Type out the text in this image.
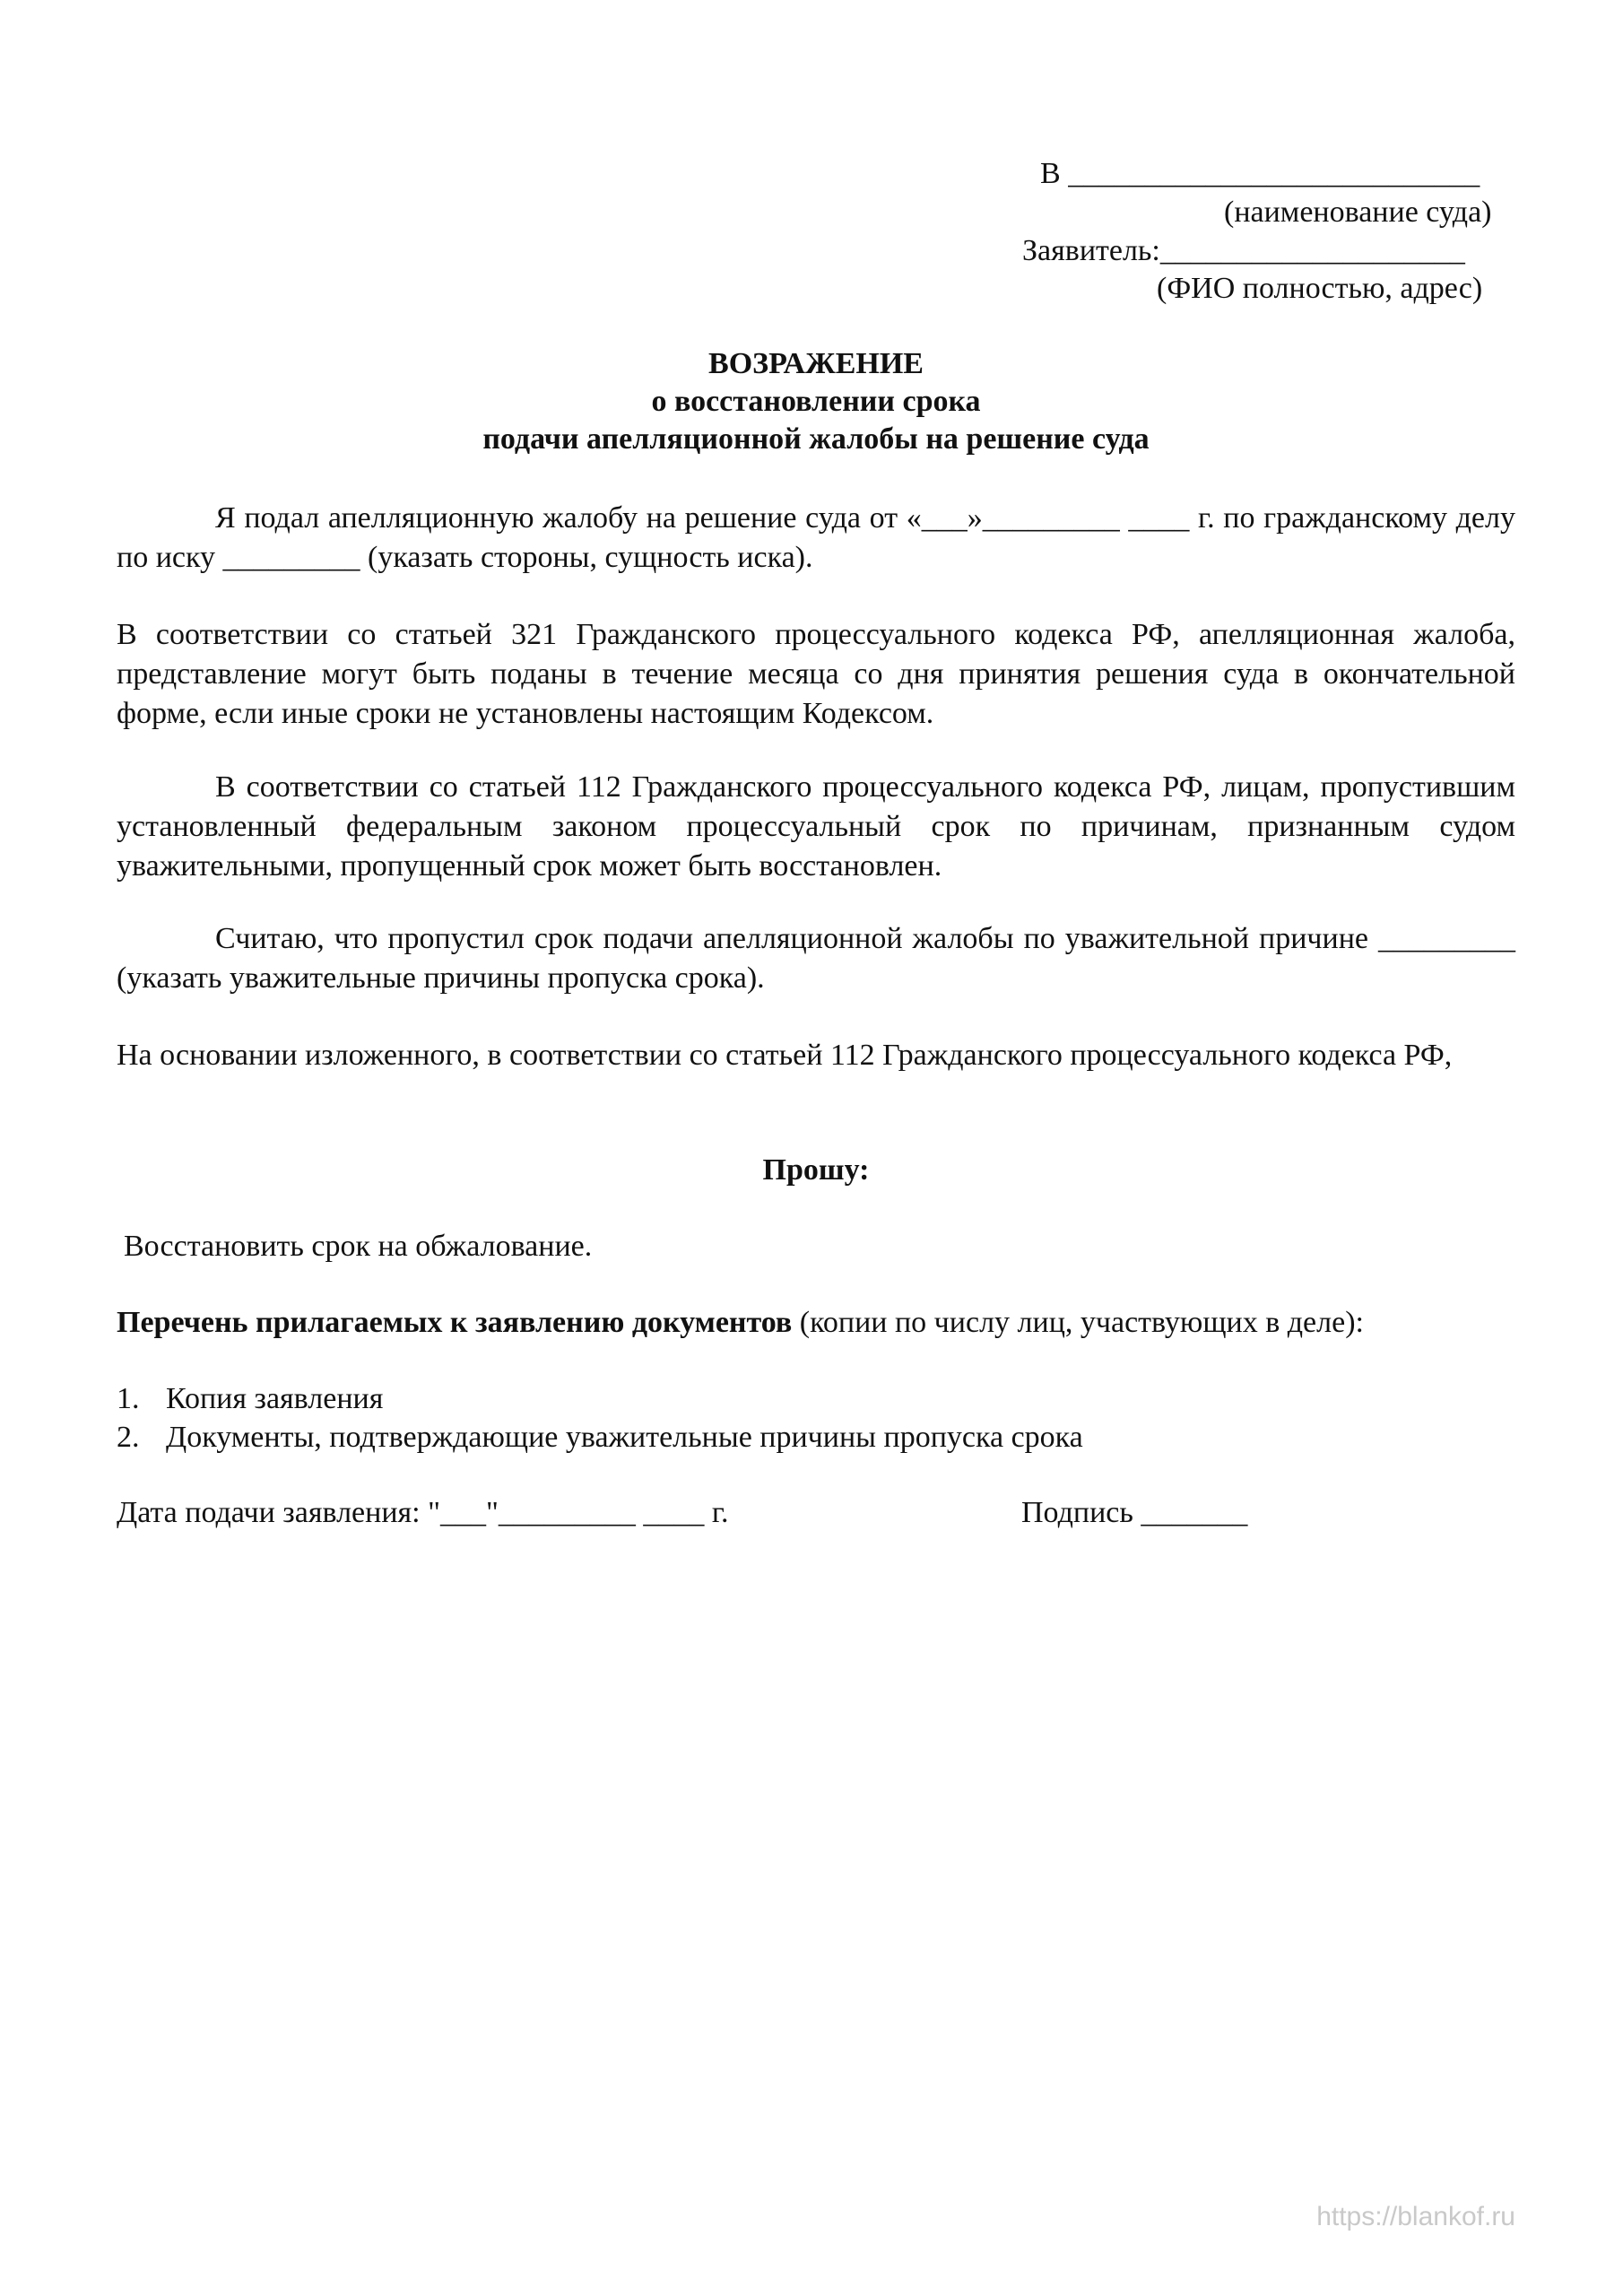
В ___________________________
(наименование суда)
Заявитель:____________________
(ФИО полностью, адрес)
ВОЗРАЖЕНИЕ
о восстановлении срока
подачи апелляционной жалобы на решение суда
Я подал апелляционную жалобу на решение суда от «___»_________ ____ г. по гражданскому делу по иску _________ (указать стороны, сущность иска).
В соответствии со статьей 321 Гражданского процессуального кодекса РФ, апелляционная жалоба, представление могут быть поданы в течение месяца со дня принятия решения суда в окончательной форме, если иные сроки не установлены настоящим Кодексом.
В соответствии со статьей 112 Гражданского процессуального кодекса РФ, лицам, пропустившим установленный федеральным законом процессуальный срок по причинам, признанным судом уважительными, пропущенный срок может быть восстановлен.
Считаю, что пропустил срок подачи апелляционной жалобы по уважительной причине _________ (указать уважительные причины пропуска срока).
На основании изложенного, в соответствии со статьей 112 Гражданского процессуального кодекса РФ,
Прошу:
Восстановить срок на обжалование.
Перечень прилагаемых к заявлению документов (копии по числу лиц, участвующих в деле):
1. Копия заявления
2. Документы, подтверждающие уважительные причины пропуска срока
Дата подачи заявления: "___"_________ ____ г.	Подпись _______
https://blankof.ru
